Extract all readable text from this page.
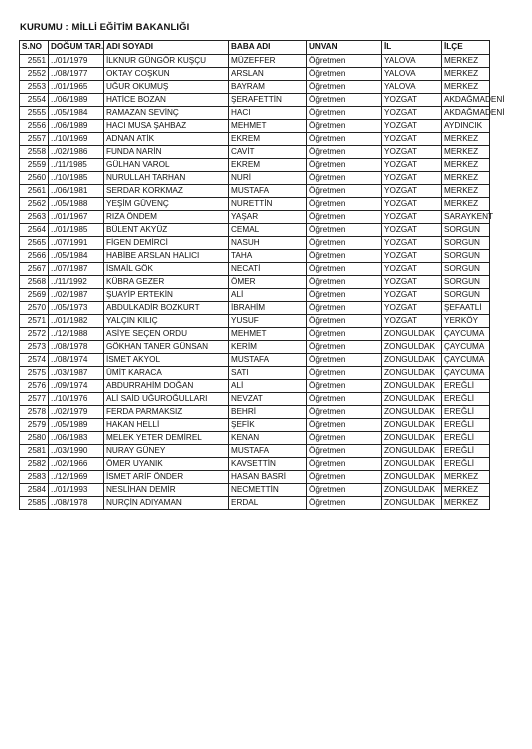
KURUMU : MİLLİ EĞİTİM BAKANLIĞI
S.NO	DOĞUM TAR.	ADI SOYADI	BABA ADI	UNVAN	İL	İLÇE
2551	../01/1979	İLKNUR GÜNGÖR KUŞÇU	MÜZEFFER	Öğretmen	YALOVA	MERKEZ
2552	../08/1977	OKTAY COŞKUN	ARSLAN	Öğretmen	YALOVA	MERKEZ
2553	../01/1965	UĞUR OKUMUŞ	BAYRAM	Öğretmen	YALOVA	MERKEZ
2554	../06/1989	HATİCE BOZAN	ŞERAFETTİN	Öğretmen	YOZGAT	AKDAĞMADENİ
2555	../05/1984	RAMAZAN SEVİNÇ	HACI	Öğretmen	YOZGAT	AKDAĞMADENİ
2556	../06/1989	HACI MUSA ŞAHBAZ	MEHMET	Öğretmen	YOZGAT	AYDINCIK
2557	../10/1969	ADNAN ATİK	EKREM	Öğretmen	YOZGAT	MERKEZ
2558	../02/1986	FUNDA NARİN	CAVİT	Öğretmen	YOZGAT	MERKEZ
2559	../11/1985	GÜLHAN VAROL	EKREM	Öğretmen	YOZGAT	MERKEZ
2560	../10/1985	NURULLAH TARHAN	NURİ	Öğretmen	YOZGAT	MERKEZ
2561	../06/1981	SERDAR KORKMAZ	MUSTAFA	Öğretmen	YOZGAT	MERKEZ
2562	../05/1988	YEŞİM GÜVENÇ	NURETTİN	Öğretmen	YOZGAT	MERKEZ
2563	../01/1967	RIZA ÖNDEM	YAŞAR	Öğretmen	YOZGAT	SARAYKENT
2564	../01/1985	BÜLENT AKYÜZ	CEMAL	Öğretmen	YOZGAT	SORGUN
2565	../07/1991	FİGEN DEMİRCİ	NASUH	Öğretmen	YOZGAT	SORGUN
2566	../05/1984	HABİBE ARSLAN HALICI	TAHA	Öğretmen	YOZGAT	SORGUN
2567	../07/1987	İSMAİL GÖK	NECATİ	Öğretmen	YOZGAT	SORGUN
2568	../11/1992	KÜBRA GEZER	ÖMER	Öğretmen	YOZGAT	SORGUN
2569	../02/1987	ŞUAYİP ERTEKİN	ALİ	Öğretmen	YOZGAT	SORGUN
2570	../05/1973	ABDULKADİR BOZKURT	İBRAHİM	Öğretmen	YOZGAT	ŞEFAATLİ
2571	../01/1982	YALÇIN KILIÇ	YUSUF	Öğretmen	YOZGAT	YERKÖY
2572	../12/1988	ASİYE SEÇEN ORDU	MEHMET	Öğretmen	ZONGULDAK	ÇAYCUMA
2573	../08/1978	GÖKHAN TANER GÜNSAN	KERİM	Öğretmen	ZONGULDAK	ÇAYCUMA
2574	../08/1974	İSMET AKYOL	MUSTAFA	Öğretmen	ZONGULDAK	ÇAYCUMA
2575	../03/1987	ÜMİT KARACA	SATI	Öğretmen	ZONGULDAK	ÇAYCUMA
2576	../09/1974	ABDURRAHİM DOĞAN	ALİ	Öğretmen	ZONGULDAK	EREĞLİ
2577	../10/1976	ALİ SAİD UĞUROĞULLARI	NEVZAT	Öğretmen	ZONGULDAK	EREĞLİ
2578	../02/1979	FERDA PARMAKSIZ	BEHRİ	Öğretmen	ZONGULDAK	EREĞLİ
2579	../05/1989	HAKAN HELLİ	ŞEFİK	Öğretmen	ZONGULDAK	EREĞLİ
2580	../06/1983	MELEK YETER DEMİREL	KENAN	Öğretmen	ZONGULDAK	EREĞLİ
2581	../03/1990	NURAY GÜNEY	MUSTAFA	Öğretmen	ZONGULDAK	EREĞLİ
2582	../02/1966	ÖMER UYANIK	KAVSETTİN	Öğretmen	ZONGULDAK	EREĞLİ
2583	../12/1969	İSMET ARİF ÖNDER	HASAN BASRİ	Öğretmen	ZONGULDAK	MERKEZ
2584	../01/1993	NESLİHAN DEMİR	NECMETTİN	Öğretmen	ZONGULDAK	MERKEZ
2585	../08/1978	NURÇİN ADIYAMAN	ERDAL	Öğretmen	ZONGULDAK	MERKEZ
